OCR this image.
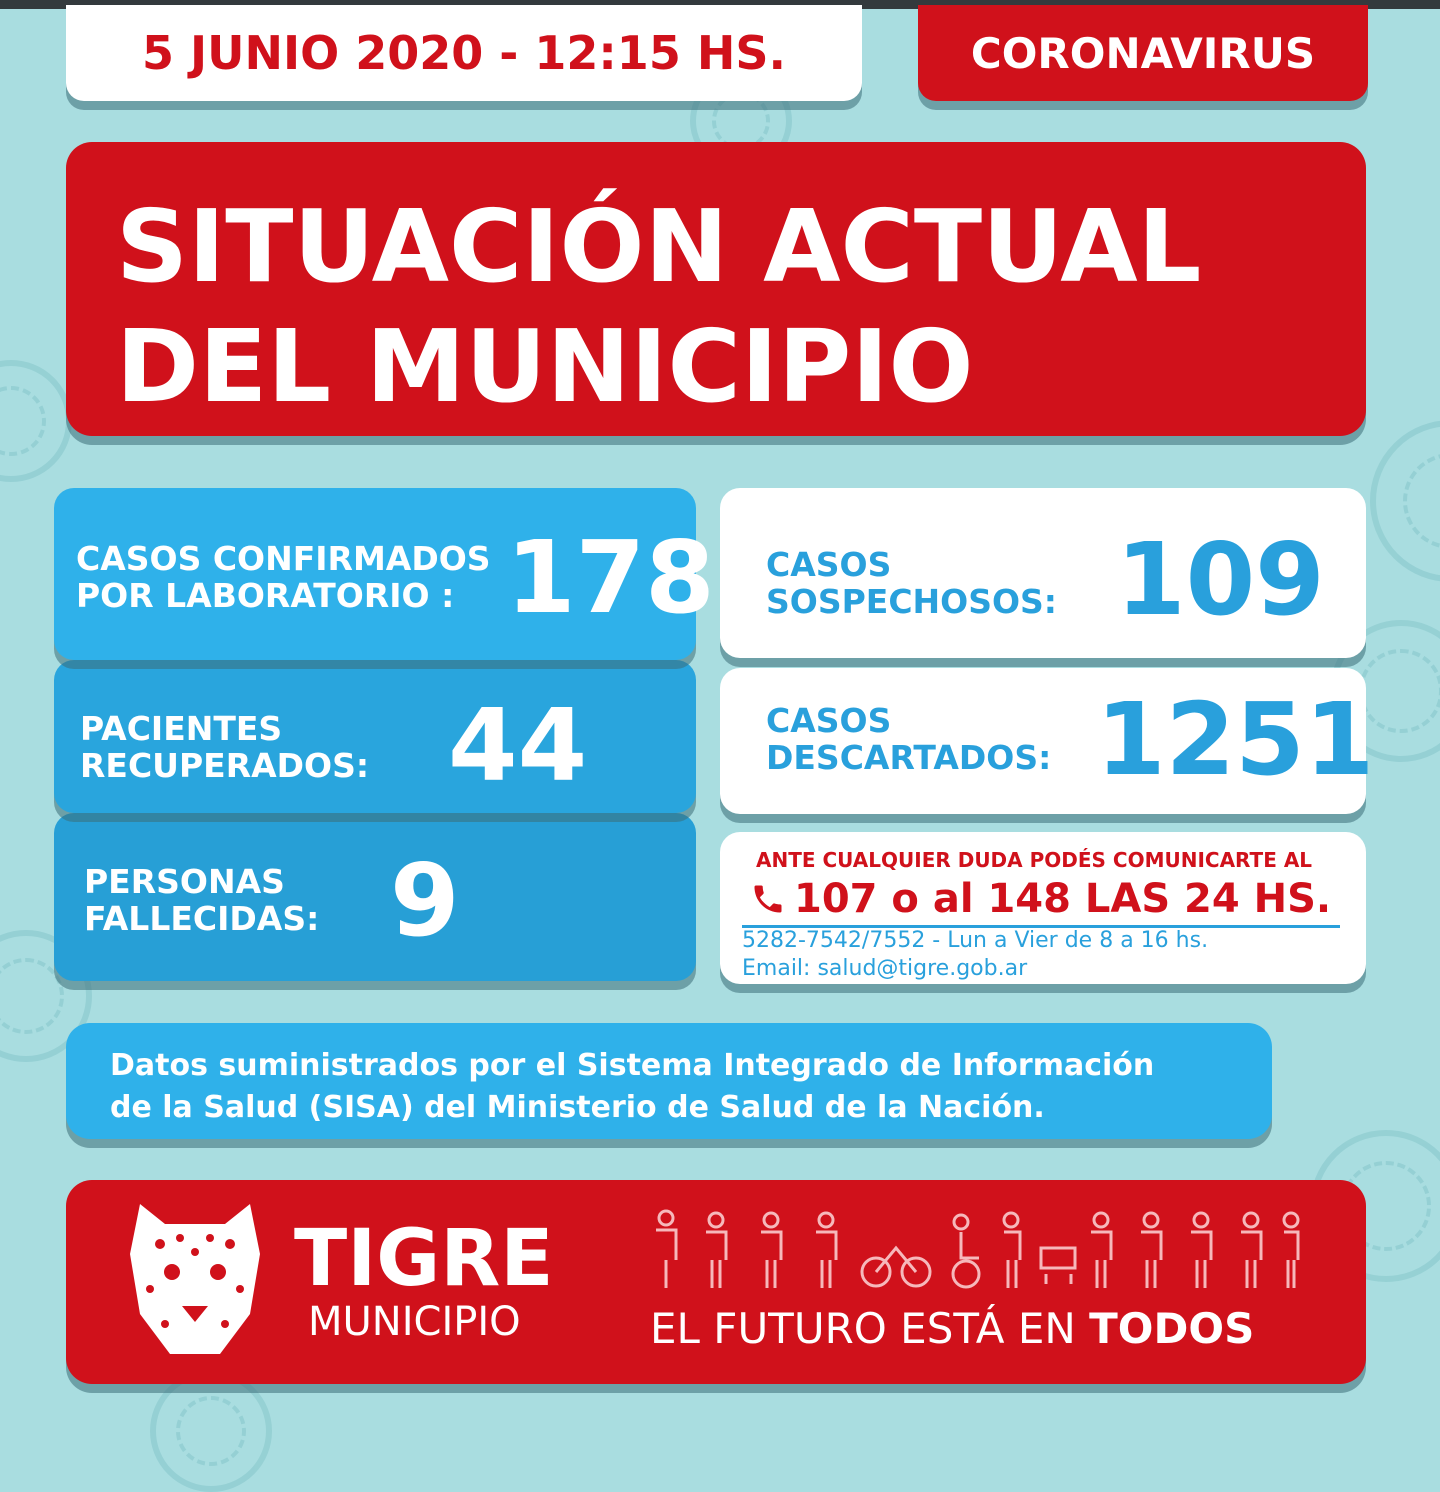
5 JUNIO 2020 - 12:15 HS.	CORONAVIRUS
SITUACIÓN ACTUAL
DEL MUNICIPIO
CASOS CONFIRMADOS
POR LABORATORIO : 178
PACIENTES
RECUPERADOS: 44
PERSONAS
FALLECIDAS: 9
CASOS
SOSPECHOSOS: 109
CASOS
DESCARTADOS: 1251
ANTE CUALQUIER DUDA PODÉS COMUNICARTE AL
107 o al 148 LAS 24 HS.
5282-7542/7552 - Lun a Vier de 8 a 16 hs.
Email: salud@tigre.gob.ar
Datos suministrados por el Sistema Integrado de Información
de la Salud (SISA) del Ministerio de Salud de la Nación.
TIGRE
MUNICIPIO	EL FUTURO ESTÁ EN TODOS
